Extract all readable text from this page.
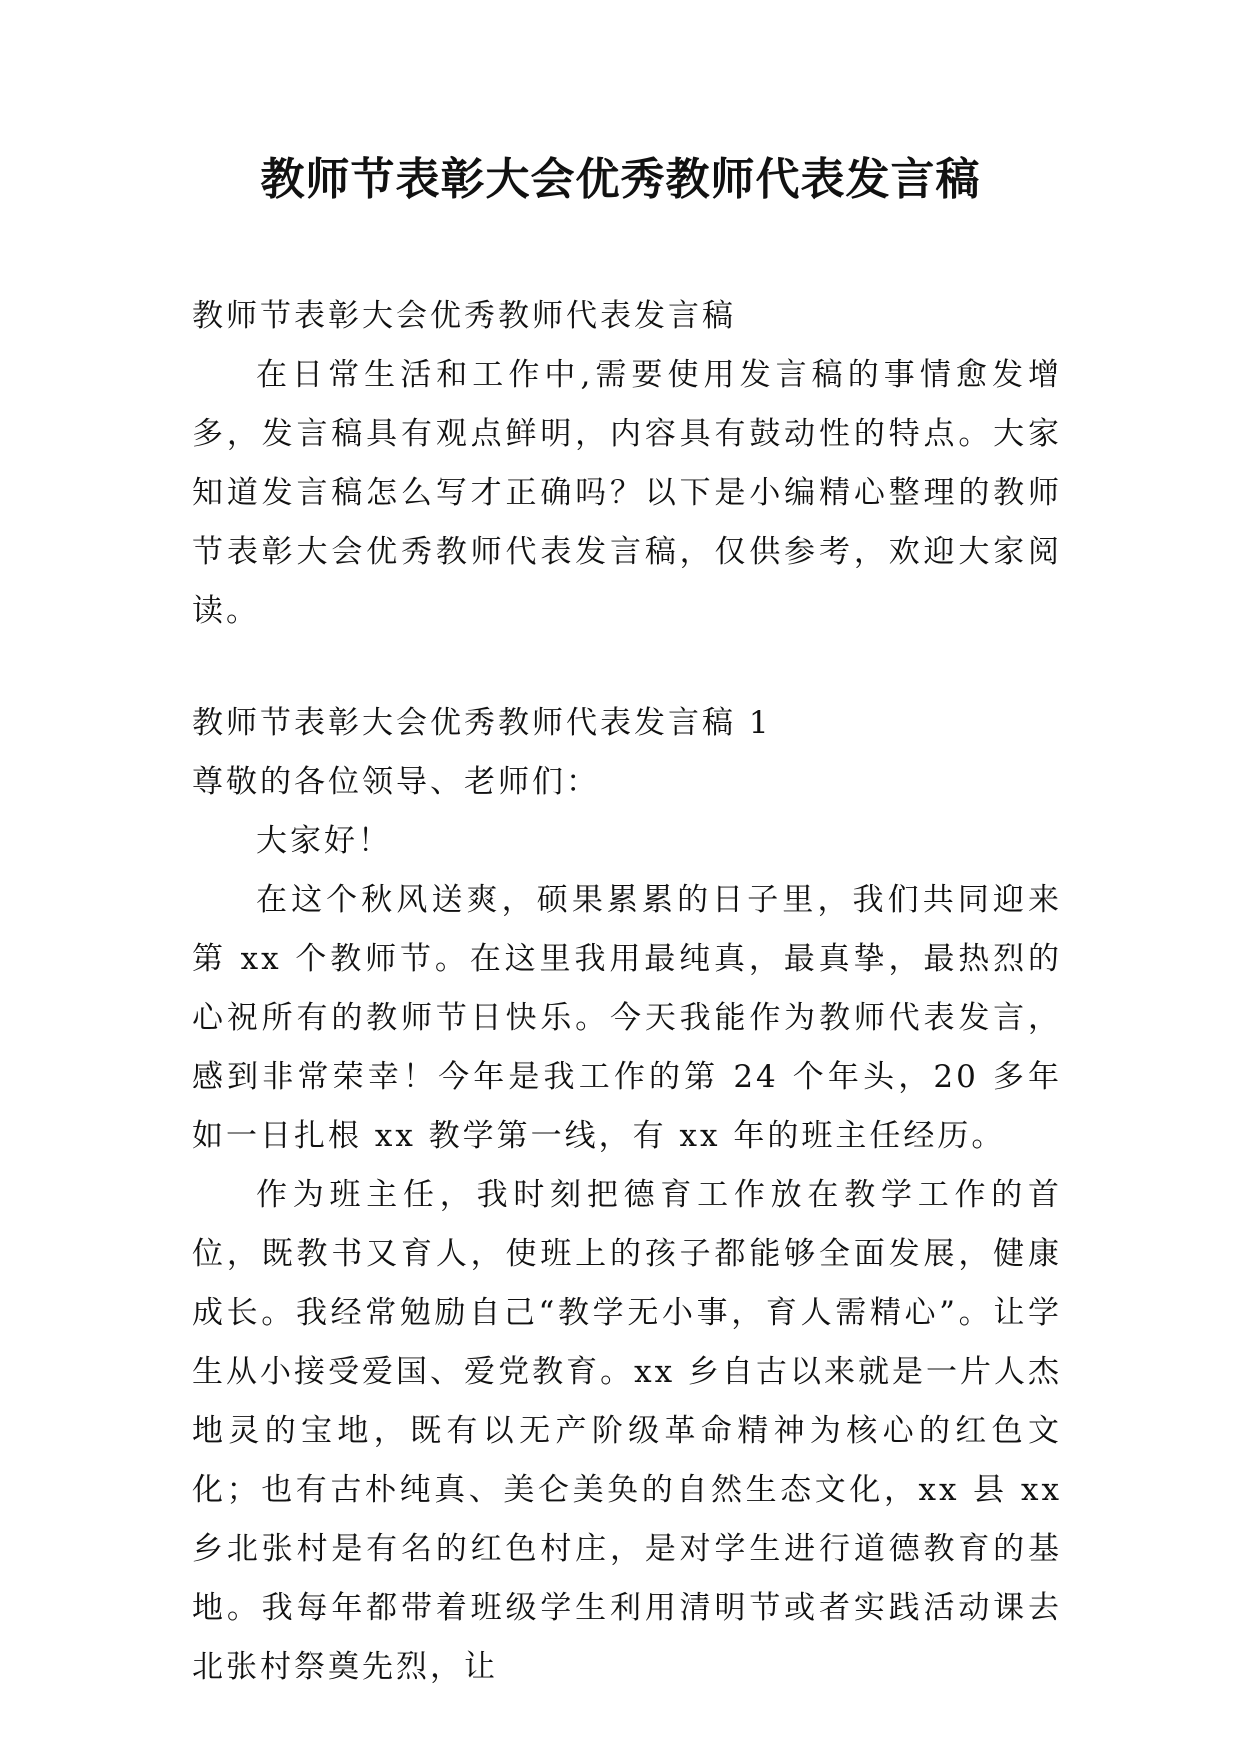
教师节表彰大会优秀教师代表发言稿

教师节表彰大会优秀教师代表发言稿

在日常生活和工作中,需要使用发言稿的事情愈发增多，发言稿具有观点鲜明，内容具有鼓动性的特点。大家知道发言稿怎么写才正确吗？以下是小编精心整理的教师节表彰大会优秀教师代表发言稿，仅供参考，欢迎大家阅读。

教师节表彰大会优秀教师代表发言稿 1

尊敬的各位领导、老师们：

大家好！

在这个秋风送爽，硕果累累的日子里，我们共同迎来第 xx 个教师节。在这里我用最纯真，最真挚，最热烈的心祝所有的教师节日快乐。今天我能作为教师代表发言，感到非常荣幸！今年是我工作的第 24 个年头，20 多年如一日扎根 xx 教学第一线，有 xx 年的班主任经历。

作为班主任，我时刻把德育工作放在教学工作的首位，既教书又育人，使班上的孩子都能够全面发展，健康成长。我经常勉励自己“教学无小事，育人需精心”。让学生从小接受爱国、爱党教育。xx 乡自古以来就是一片人杰地灵的宝地，既有以无产阶级革命精神为核心的红色文化；也有古朴纯真、美仑美奂的自然生态文化，xx 县 xx 乡北张村是有名的红色村庄，是对学生进行道德教育的基地。我每年都带着班级学生利用清明节或者实践活动课去北张村祭奠先烈，让
